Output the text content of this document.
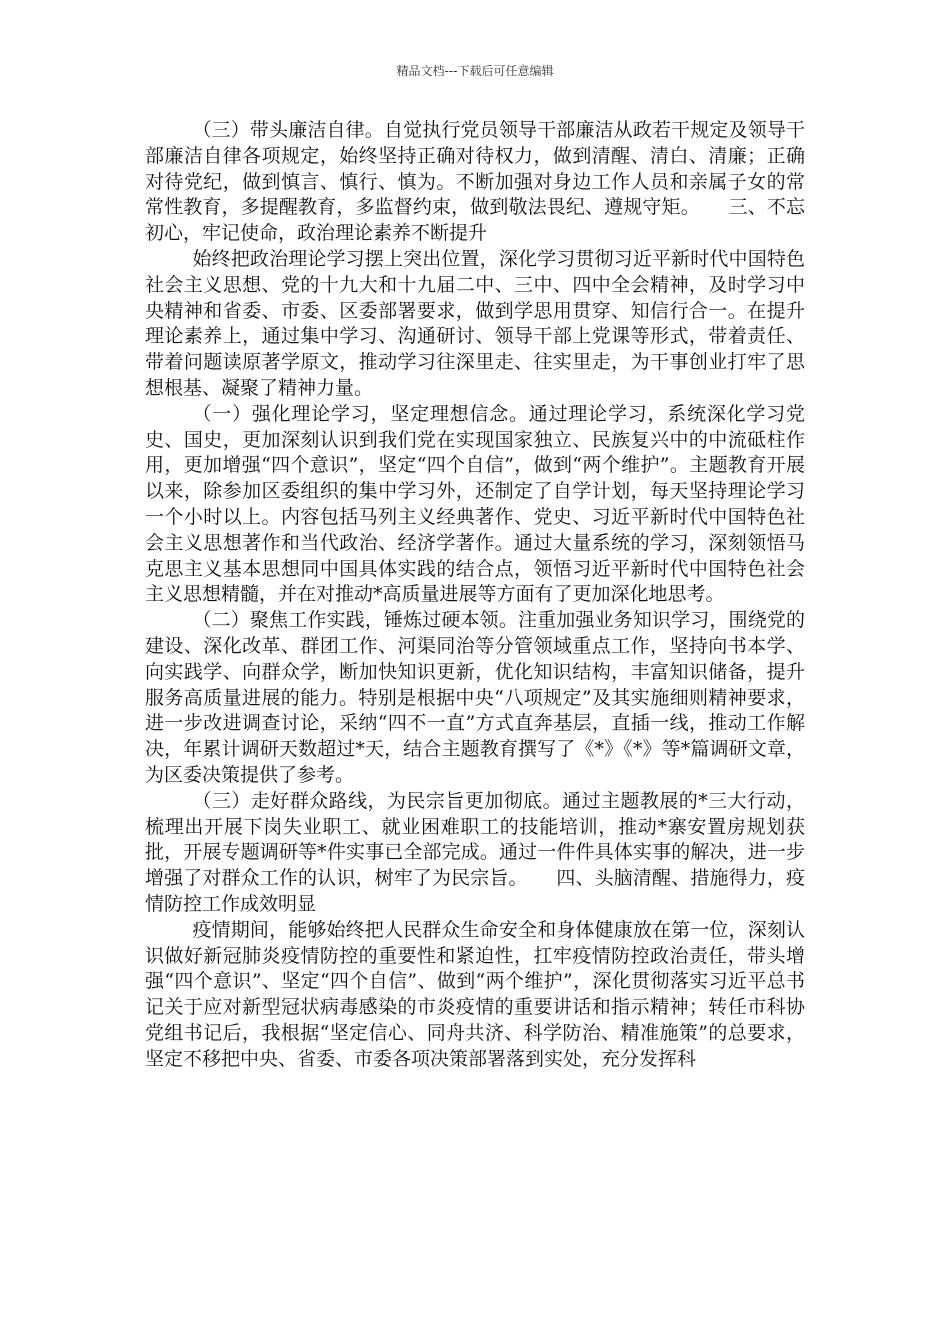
精品文档---下载后可任意编辑

（三）带头廉洁自律。自觉执行党员领导干部廉洁从政若干规定及领导干部廉洁自律各项规定，始终坚持正确对待权力，做到清醒、清白、清廉；正确对待党纪，做到慎言、慎行、慎为。不断加强对身边工作人员和亲属子女的常常性教育，多提醒教育，多监督约束，做到敬法畏纪、遵规守矩。　　三、不忘初心，牢记使命，政治理论素养不断提升

始终把政治理论学习摆上突出位置，深化学习贯彻习近平新时代中国特色社会主义思想、党的十九大和十九届二中、三中、四中全会精神，及时学习中央精神和省委、市委、区委部署要求，做到学思用贯穿、知信行合一。在提升理论素养上，通过集中学习、沟通研讨、领导干部上党课等形式，带着责任、带着问题读原著学原文，推动学习往深里走、往实里走，为干事创业打牢了思想根基、凝聚了精神力量。

（一）强化理论学习，坚定理想信念。通过理论学习，系统深化学习党史、国史，更加深刻认识到我们党在实现国家独立、民族复兴中的中流砥柱作用，更加增强“四个意识”，坚定“四个自信”，做到“两个维护”。主题教育开展以来，除参加区委组织的集中学习外，还制定了自学计划，每天坚持理论学习一个小时以上。内容包括马列主义经典著作、党史、习近平新时代中国特色社会主义思想著作和当代政治、经济学著作。通过大量系统的学习，深刻领悟马克思主义基本思想同中国具体实践的结合点，领悟习近平新时代中国特色社会主义思想精髓，并在对推动*高质量进展等方面有了更加深化地思考。

（二）聚焦工作实践，锤炼过硬本领。注重加强业务知识学习，围绕党的建设、深化改革、群团工作、河渠同治等分管领域重点工作，坚持向书本学、向实践学、向群众学，断加快知识更新，优化知识结构，丰富知识储备，提升服务高质量进展的能力。特别是根据中央“八项规定”及其实施细则精神要求，进一步改进调查讨论，采纳“四不一直”方式直奔基层，直插一线，推动工作解决，年累计调研天数超过*天，结合主题教育撰写了《*》《*》等*篇调研文章，为区委决策提供了参考。

（三）走好群众路线，为民宗旨更加彻底。通过主题教展的*三大行动，梳理出开展下岗失业职工、就业困难职工的技能培训，推动*寨安置房规划获批，开展专题调研等*件实事已全部完成。通过一件件具体实事的解决，进一步增强了对群众工作的认识，树牢了为民宗旨。　　四、头脑清醒、措施得力，疫情防控工作成效明显

疫情期间，能够始终把人民群众生命安全和身体健康放在第一位，深刻认识做好新冠肺炎疫情防控的重要性和紧迫性，扛牢疫情防控政治责任，带头增强“四个意识”、坚定“四个自信”、做到“两个维护”，深化贯彻落实习近平总书记关于应对新型冠状病毒感染的市炎疫情的重要讲话和指示精神；转任市科协党组书记后，我根据“坚定信心、同舟共济、科学防治、精准施策”的总要求，坚定不移把中央、省委、市委各项决策部署落到实处，充分发挥科
